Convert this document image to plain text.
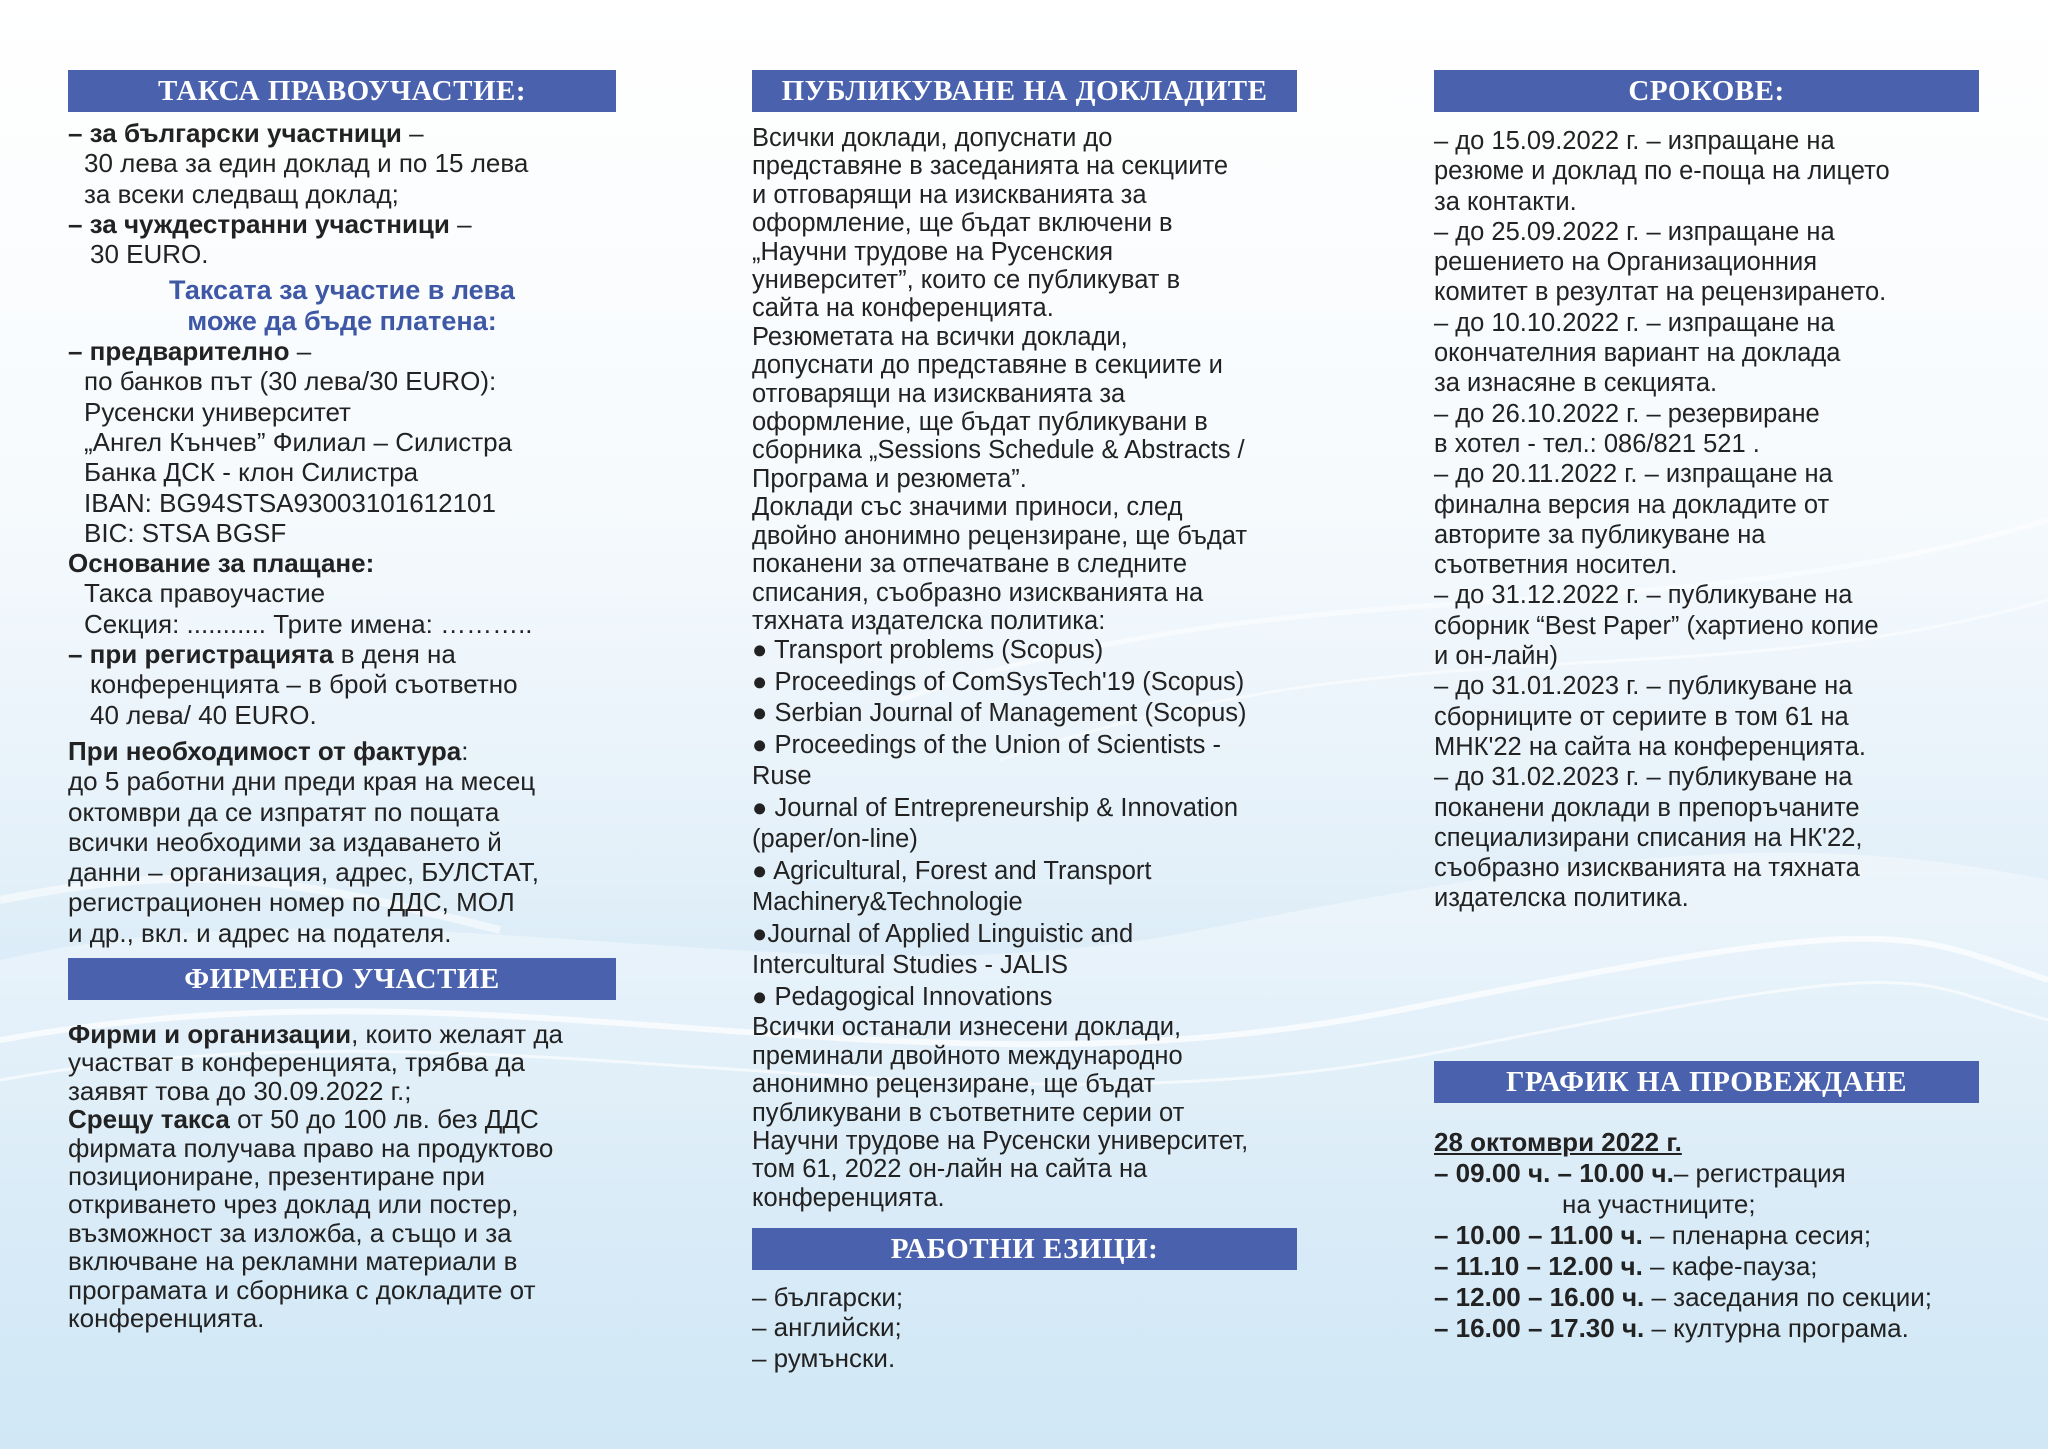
ТАКСА ПРАВОУЧАСТИЕ:

– за български участници –

30 лева за един доклад и по 15 лева

за всеки следващ доклад;

– за чуждестранни участници –

30 EURO.

Таксата за участие в лева

може да бъде платена:

– предварително –

по банков път (30 лева/30 EURO):

Русенски университет

„Ангел Кънчев” Филиал – Силистра

Банка ДСК - клон Силистра

IBAN: BG94STSA93003101612101

BIC: STSA BGSF

Основание за плащане:

Такса правоучастие

Секция: ........... Трите имена: ………..

– при регистрацията в деня на

конференцията – в брой съответно

40 лева/ 40 EURO.

При необходимост от фактура:

до 5 работни дни преди края на месец

октомври да се изпратят по пощата

всички необходими за издаването й

данни – организация, адрес, БУЛСТАТ,

регистрационен номер по ДДС, МОЛ

и др., вкл. и адрес на подателя.

ФИРМЕНО УЧАСТИЕ

Фирми и организации, които желаят да

участват в конференцията, трябва да

заявят това до 30.09.2022 г.;

Срещу такса от 50 до 100 лв. без ДДС

фирмата получава право на продуктово

позициониране, презентиране при

откриването чрез доклад или постер,

възможност за изложба, а също и за

включване на рекламни материали в

програмата и сборника с докладите от

конференцията.

ПУБЛИКУВАНЕ НА ДОКЛАДИТЕ

Всички доклади, допуснати до

представяне в заседанията на секциите

и отговарящи на изискванията за

оформление, ще бъдат включени в

„Научни трудове на Русенския

университет”, които се публикуват в

сайта на конференцията.

Резюметата на всички доклади,

допуснати до представяне в секциите и

отговарящи на изискванията за

оформление, ще бъдат публикувани в

сборника „Sessions Schedule & Abstracts /

Програма и резюмета”.

Доклади със значими приноси, след

двойно анонимно рецензиране, ще бъдат

поканени за отпечатване в следните

списания, съобразно изискванията на

тяхната издателска политика:

● Transport problems (Scopus)

● Proceedings of ComSysTech'19 (Scopus)

● Serbian Journal of Management (Scopus)

● Proceedings of the Union of Scientists -

Ruse

● Journal of Entrepreneurship & Innovation

(paper/on-line)

● Agricultural, Forest and Transport

Machinery&Technologie

●Journal of Applied Linguistic and

Intercultural Studies - JALIS

● Pedagogical Innovations

Всички останали изнесени доклади,

преминали двойното международно

анонимно рецензиране, ще бъдат

публикувани в съответните серии от

Научни трудове на Русенски университет,

том 61, 2022 он-лайн на сайта на

конференцията.

РАБОТНИ ЕЗИЦИ:

– български;

– английски;

– румънски.

СРОКОВЕ:

– до 15.09.2022 г. – изпращане на

резюме и доклад по е-поща на лицето

за контакти.

– до 25.09.2022 г. – изпращане на

решението на Организационния

комитет в резултат на рецензирането.

– до 10.10.2022 г. – изпращане на

окончателния вариант на доклада

за изнасяне в секцията.

– до 26.10.2022 г. – резервиране

в хотел - тел.: 086/821 521 .

– до 20.11.2022 г. – изпращане на

финална версия на докладите от

авторите за публикуване на

съответния носител.

– до 31.12.2022 г. – публикуване на

сборник “Best Paper” (хартиено копие

и он-лайн)

– до 31.01.2023 г. – публикуване на

сборниците от сериите в том 61 на

МНК'22 на сайта на конференцията.

– до 31.02.2023 г. – публикуване на

поканени доклади в препоръчаните

специализирани списания на НК'22,

съобразно изискванията на тяхната

издателска политика.

ГРАФИК НА ПРОВЕЖДАНЕ

28 октомври 2022 г.

– 09.00 ч. – 10.00 ч.– регистрация

на участниците;

– 10.00 – 11.00 ч. – пленарна сесия;

– 11.10 – 12.00 ч. – кафе-пауза;

– 12.00 – 16.00 ч. – заседания по секции;

– 16.00 – 17.30 ч. – културна програма.
